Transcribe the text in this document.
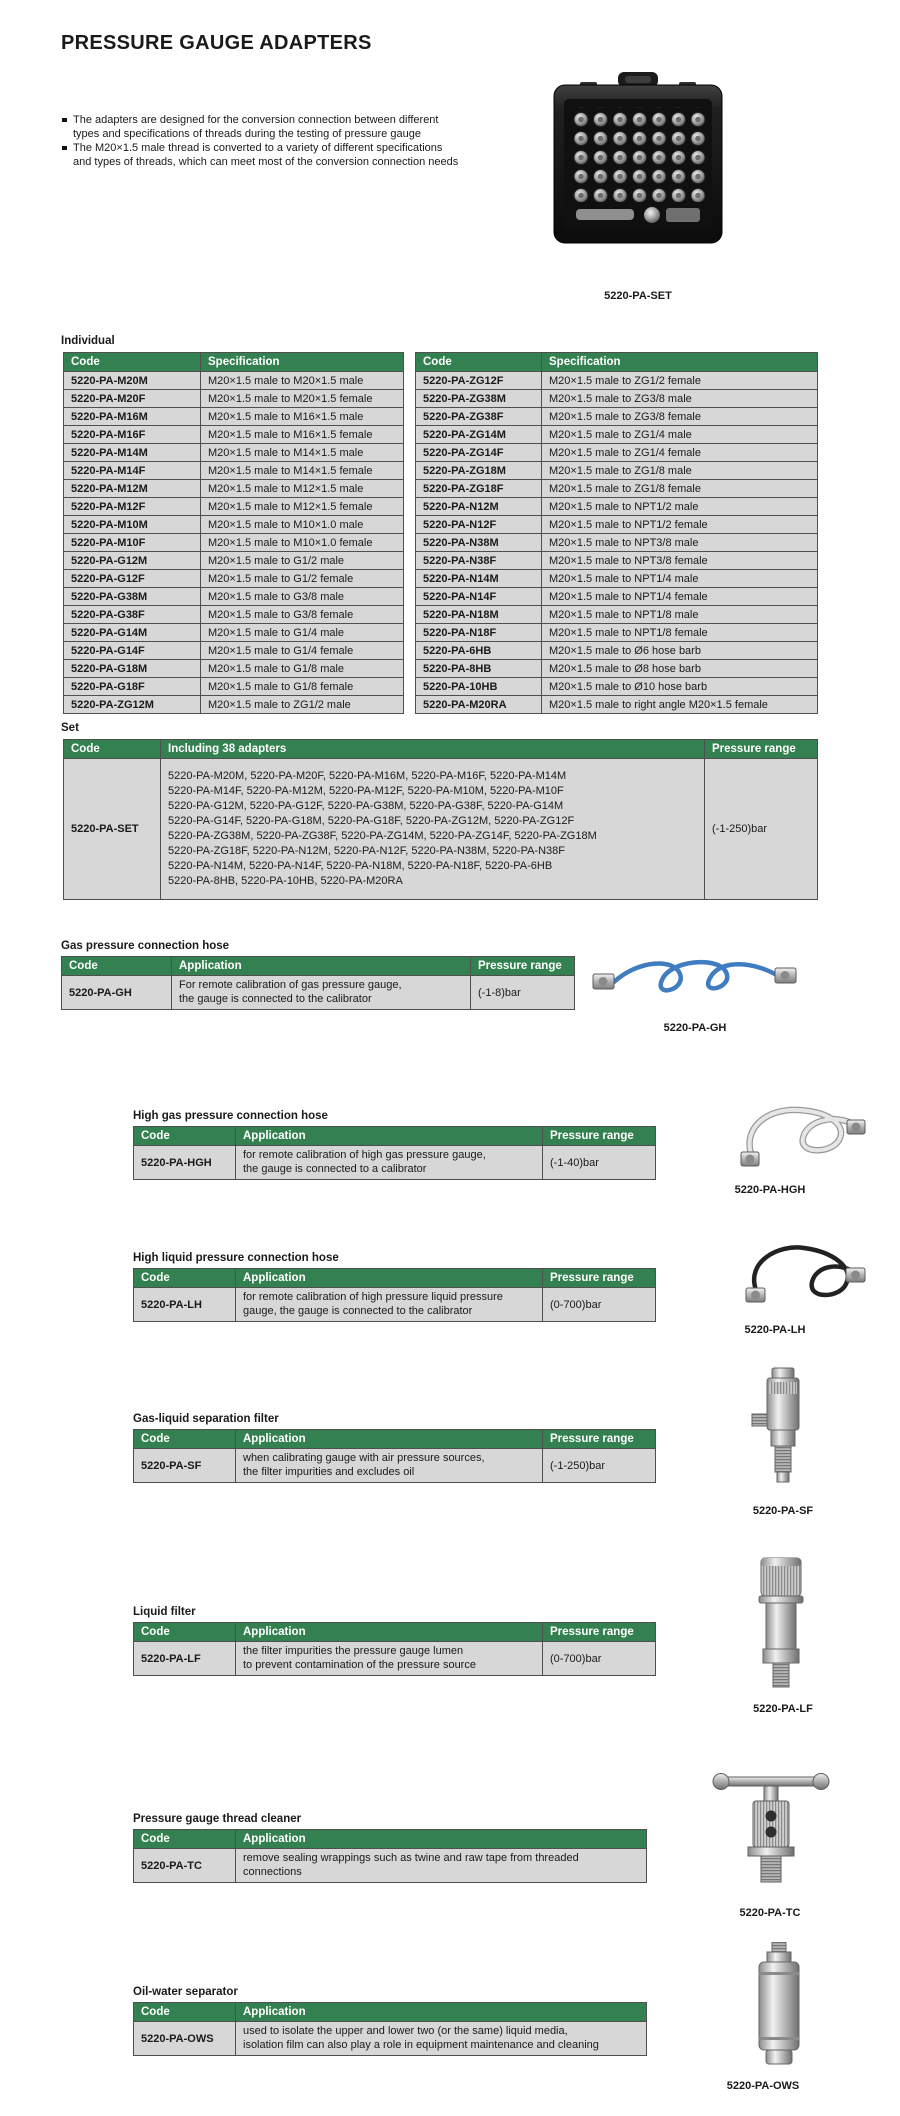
PRESSURE GAUGE ADAPTERS
The adapters are designed for the conversion connection between different
types and specifications of threads during the testing of pressure gauge
The M20×1.5 male thread is converted to a variety of different specifications
and types of threads, which can meet most of the conversion connection needs
5220-PA-SET
Individual
Code	Specification
5220-PA-M20M	M20×1.5 male to M20×1.5 male
5220-PA-M20F	M20×1.5 male to M20×1.5 female
5220-PA-M16M	M20×1.5 male to M16×1.5 male
5220-PA-M16F	M20×1.5 male to M16×1.5 female
5220-PA-M14M	M20×1.5 male to M14×1.5 male
5220-PA-M14F	M20×1.5 male to M14×1.5 female
5220-PA-M12M	M20×1.5 male to M12×1.5 male
5220-PA-M12F	M20×1.5 male to M12×1.5 female
5220-PA-M10M	M20×1.5 male to M10×1.0 male
5220-PA-M10F	M20×1.5 male to M10×1.0 female
5220-PA-G12M	M20×1.5 male to G1/2 male
5220-PA-G12F	M20×1.5 male to G1/2 female
5220-PA-G38M	M20×1.5 male to G3/8 male
5220-PA-G38F	M20×1.5 male to G3/8 female
5220-PA-G14M	M20×1.5 male to G1/4 male
5220-PA-G14F	M20×1.5 male to G1/4 female
5220-PA-G18M	M20×1.5 male to G1/8 male
5220-PA-G18F	M20×1.5 male to G1/8 female
5220-PA-ZG12M	M20×1.5 male to ZG1/2 male
Code	Specification
5220-PA-ZG12F	M20×1.5 male to ZG1/2 female
5220-PA-ZG38M	M20×1.5 male to ZG3/8 male
5220-PA-ZG38F	M20×1.5 male to ZG3/8 female
5220-PA-ZG14M	M20×1.5 male to ZG1/4 male
5220-PA-ZG14F	M20×1.5 male to ZG1/4 female
5220-PA-ZG18M	M20×1.5 male to ZG1/8 male
5220-PA-ZG18F	M20×1.5 male to ZG1/8 female
5220-PA-N12M	M20×1.5 male to NPT1/2 male
5220-PA-N12F	M20×1.5 male to NPT1/2 female
5220-PA-N38M	M20×1.5 male to NPT3/8 male
5220-PA-N38F	M20×1.5 male to NPT3/8 female
5220-PA-N14M	M20×1.5 male to NPT1/4 male
5220-PA-N14F	M20×1.5 male to NPT1/4 female
5220-PA-N18M	M20×1.5 male to NPT1/8 male
5220-PA-N18F	M20×1.5 male to NPT1/8 female
5220-PA-6HB	M20×1.5 male to Ø6 hose barb
5220-PA-8HB	M20×1.5 male to Ø8 hose barb
5220-PA-10HB	M20×1.5 male to Ø10 hose barb
5220-PA-M20RA	M20×1.5 male to right angle M20×1.5 female
Set
Code	Including 38 adapters	Pressure range
5220-PA-SET	
5220-PA-M20M, 5220-PA-M20F, 5220-PA-M16M, 5220-PA-M16F, 5220-PA-M14M
5220-PA-M14F, 5220-PA-M12M, 5220-PA-M12F, 5220-PA-M10M, 5220-PA-M10F
5220-PA-G12M, 5220-PA-G12F, 5220-PA-G38M, 5220-PA-G38F, 5220-PA-G14M
5220-PA-G14F, 5220-PA-G18M, 5220-PA-G18F, 5220-PA-ZG12M, 5220-PA-ZG12F
5220-PA-ZG38M, 5220-PA-ZG38F, 5220-PA-ZG14M, 5220-PA-ZG14F, 5220-PA-ZG18M
5220-PA-ZG18F, 5220-PA-N12M, 5220-PA-N12F, 5220-PA-N38M, 5220-PA-N38F
5220-PA-N14M, 5220-PA-N14F, 5220-PA-N18M, 5220-PA-N18F, 5220-PA-6HB
5220-PA-8HB, 5220-PA-10HB, 5220-PA-M20RA
	(-1-250)bar
Gas pressure connection hose
Code	Application	Pressure range
5220-PA-GH	For remote calibration of gas pressure gauge,
the gauge is connected to the calibrator	(-1-8)bar
5220-PA-GH
High gas pressure connection hose
Code	Application	Pressure range
5220-PA-HGH	for remote calibration of high gas pressure gauge,
the gauge is connected to a calibrator	(-1-40)bar
5220-PA-HGH
High liquid pressure connection hose
Code	Application	Pressure range
5220-PA-LH	for remote calibration of high pressure liquid pressure
gauge, the gauge is connected to the calibrator	(0-700)bar
5220-PA-LH
Gas-liquid separation filter
Code	Application	Pressure range
5220-PA-SF	when calibrating gauge with air pressure sources,
the filter impurities and excludes oil	(-1-250)bar
5220-PA-SF
Liquid filter
Code	Application	Pressure range
5220-PA-LF	the filter impurities the pressure gauge lumen
to prevent contamination of the pressure source	(0-700)bar
5220-PA-LF
Pressure gauge thread cleaner
Code	Application
5220-PA-TC	remove sealing wrappings such as twine and raw tape from threaded
connections
5220-PA-TC
Oil-water separator
Code	Application
5220-PA-OWS	used to isolate the upper and lower two (or the same) liquid media,
isolation film can also play a role in equipment maintenance and cleaning
5220-PA-OWS
